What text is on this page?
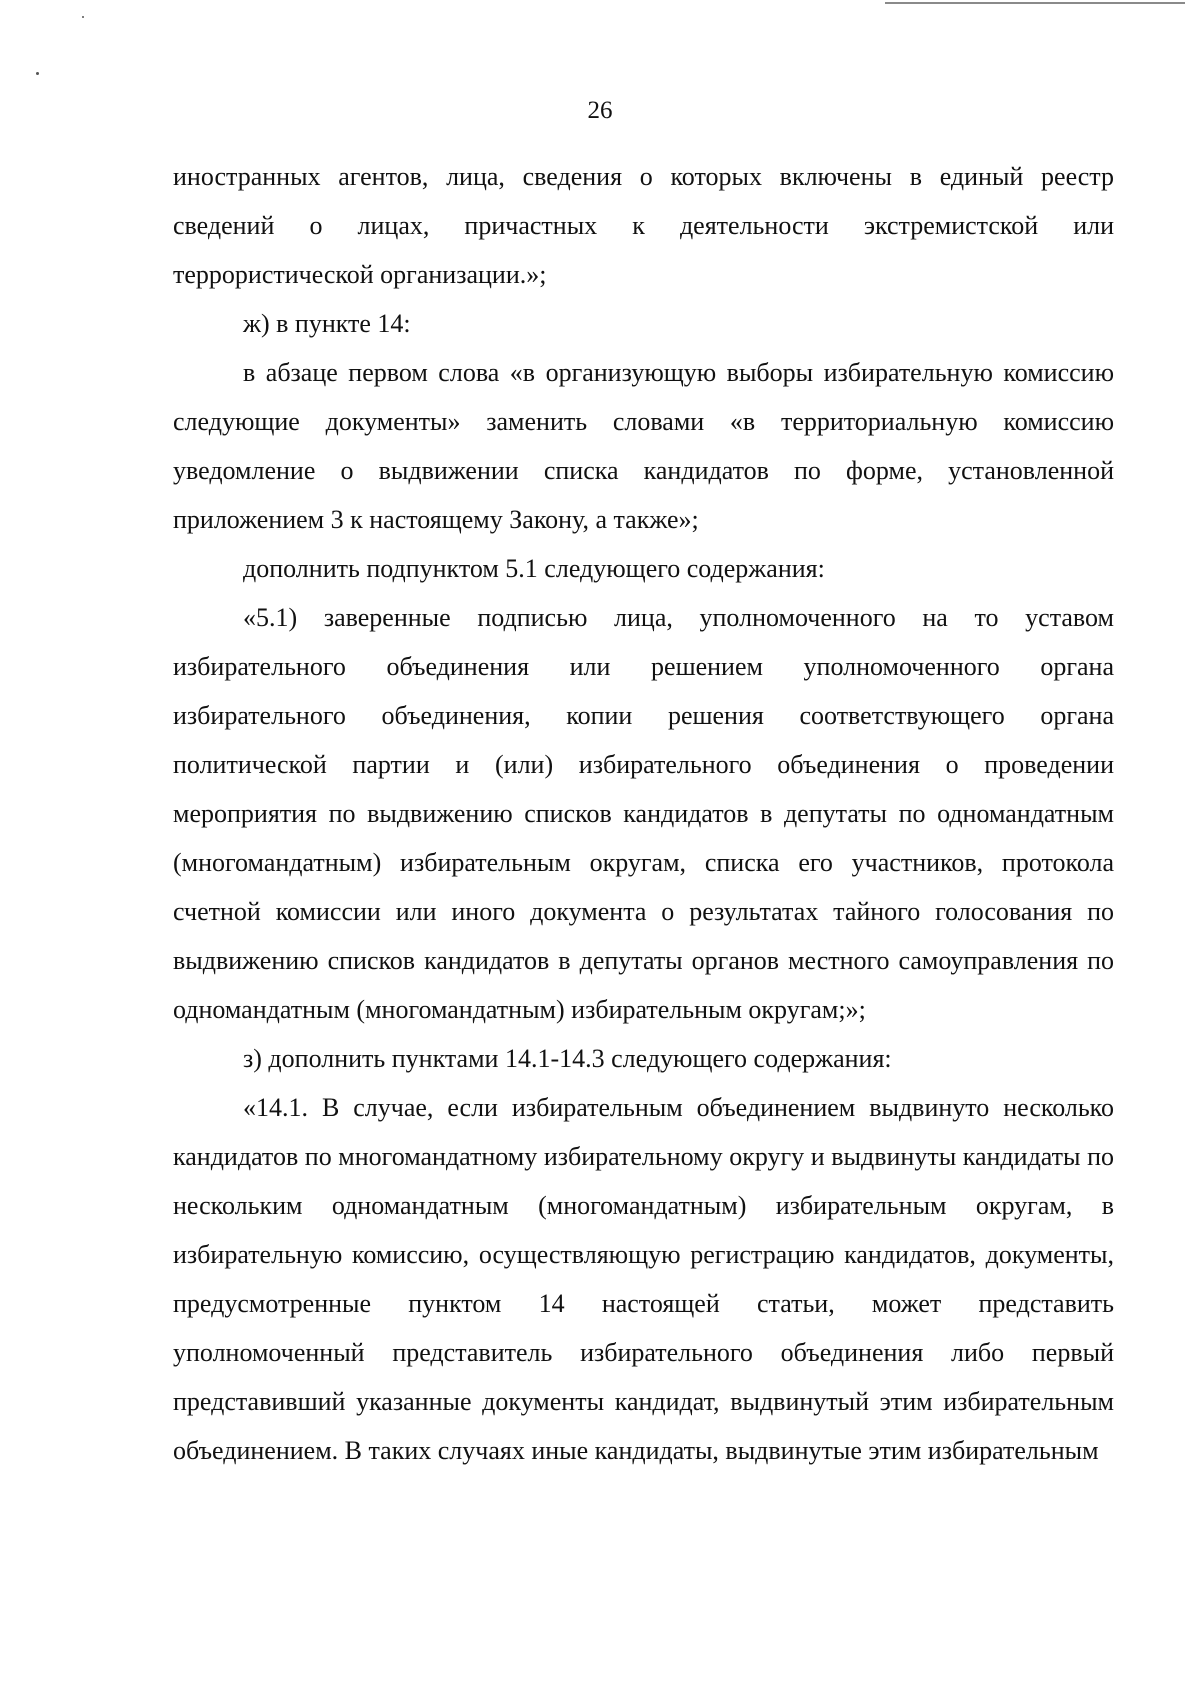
26

иностранных агентов, лица, сведения о которых включены в единый реестр сведений о лицах, причастных к деятельности экстремистской или террористической организации.»;

ж) в пункте 14:

в абзаце первом слова «в организующую выборы избирательную комиссию следующие документы» заменить словами «в территориальную комиссию уведомление о выдвижении списка кандидатов по форме, установленной приложением 3 к настоящему Закону, а также»;

дополнить подпунктом 5.1 следующего содержания:

«5.1) заверенные подписью лица, уполномоченного на то уставом избирательного объединения или решением уполномоченного органа избирательного объединения, копии решения соответствующего органа политической партии и (или) избирательного объединения о проведении мероприятия по выдвижению списков кандидатов в депутаты по одномандатным (многомандатным) избирательным округам, списка его участников, протокола счетной комиссии или иного документа о результатах тайного голосования по выдвижению списков кандидатов в депутаты органов местного самоуправления по одномандатным (многомандатным) избирательным округам;»;

з) дополнить пунктами 14.1-14.3 следующего содержания:

«14.1. В случае, если избирательным объединением выдвинуто несколько кандидатов по многомандатному избирательному округу и выдвинуты кандидаты по нескольким одномандатным (многомандатным) избирательным округам, в избирательную комиссию, осуществляющую регистрацию кандидатов, документы, предусмотренные пунктом 14 настоящей статьи, может представить уполномоченный представитель избирательного объединения либо первый представивший указанные документы кандидат, выдвинутый этим избирательным объединением. В таких случаях иные кандидаты, выдвинутые этим избирательным
